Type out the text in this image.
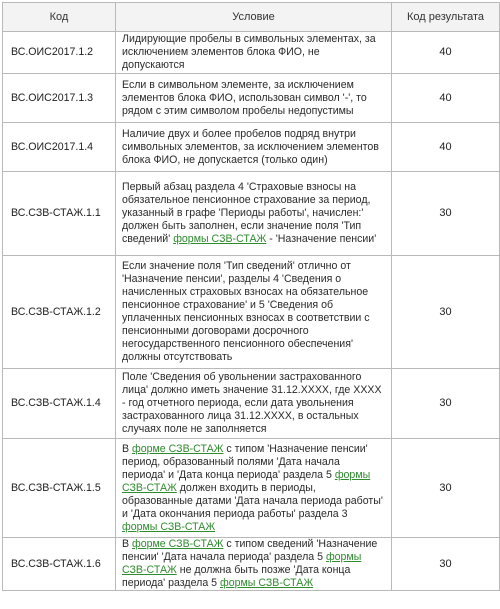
Код	Условие	Код результата
ВС.ОИС2017.1.2	Лидирующие пробелы в символьных элементах, за исключением элементов блока ФИО, не допускаются	40
ВС.ОИС2017.1.3	Если в символьном элементе, за исключением элементов блока ФИО, использован символ '-', то рядом с этим символом пробелы недопустимы	40
ВС.ОИС2017.1.4	Наличие двух и более пробелов подряд внутри символьных элементов, за исключением элементов блока ФИО, не допускается (только один)	40
ВС.СЗВ-СТАЖ.1.1	Первый абзац раздела 4 'Страховые взносы на обязательное пенсионное страхование за период, указанный в графе 'Периоды работы', начислен:' должен быть заполнен, если значение поля 'Тип сведений' формы СЗВ-СТАЖ - 'Назначение пенсии'	30
ВС.СЗВ-СТАЖ.1.2	Если значение поля 'Тип сведений' отлично от 'Назначение пенсии', разделы 4 'Сведения о начисленных страховых взносах на обязательное пенсионное страхование' и 5 'Сведения об уплаченных пенсионных взносах в соответствии с пенсионными договорами досрочного негосударственного пенсионного обеспечения' должны отсутствовать	30
ВС.СЗВ-СТАЖ.1.4	Поле 'Сведения об увольнении застрахованного лица' должно иметь значение 31.12.XXXX, где XXXX - год отчетного периода, если дата увольнения застрахованного лица 31.12.XXXX, в остальных случаях поле не заполняется	30
ВС.СЗВ-СТАЖ.1.5	В форме СЗВ-СТАЖ с типом 'Назначение пенсии' период, образованный полями 'Дата начала периода' и 'Дата конца периода' раздела 5 формы СЗВ-СТАЖ должен входить в периоды, образованные датами 'Дата начала периода работы' и 'Дата окончания периода работы' раздела 3 формы СЗВ-СТАЖ	30
ВС.СЗВ-СТАЖ.1.6	В форме СЗВ-СТАЖ с типом сведений 'Назначение пенсии' 'Дата начала периода' раздела 5 формы СЗВ-СТАЖ не должна быть позже 'Дата конца периода' раздела 5 формы СЗВ-СТАЖ	30
